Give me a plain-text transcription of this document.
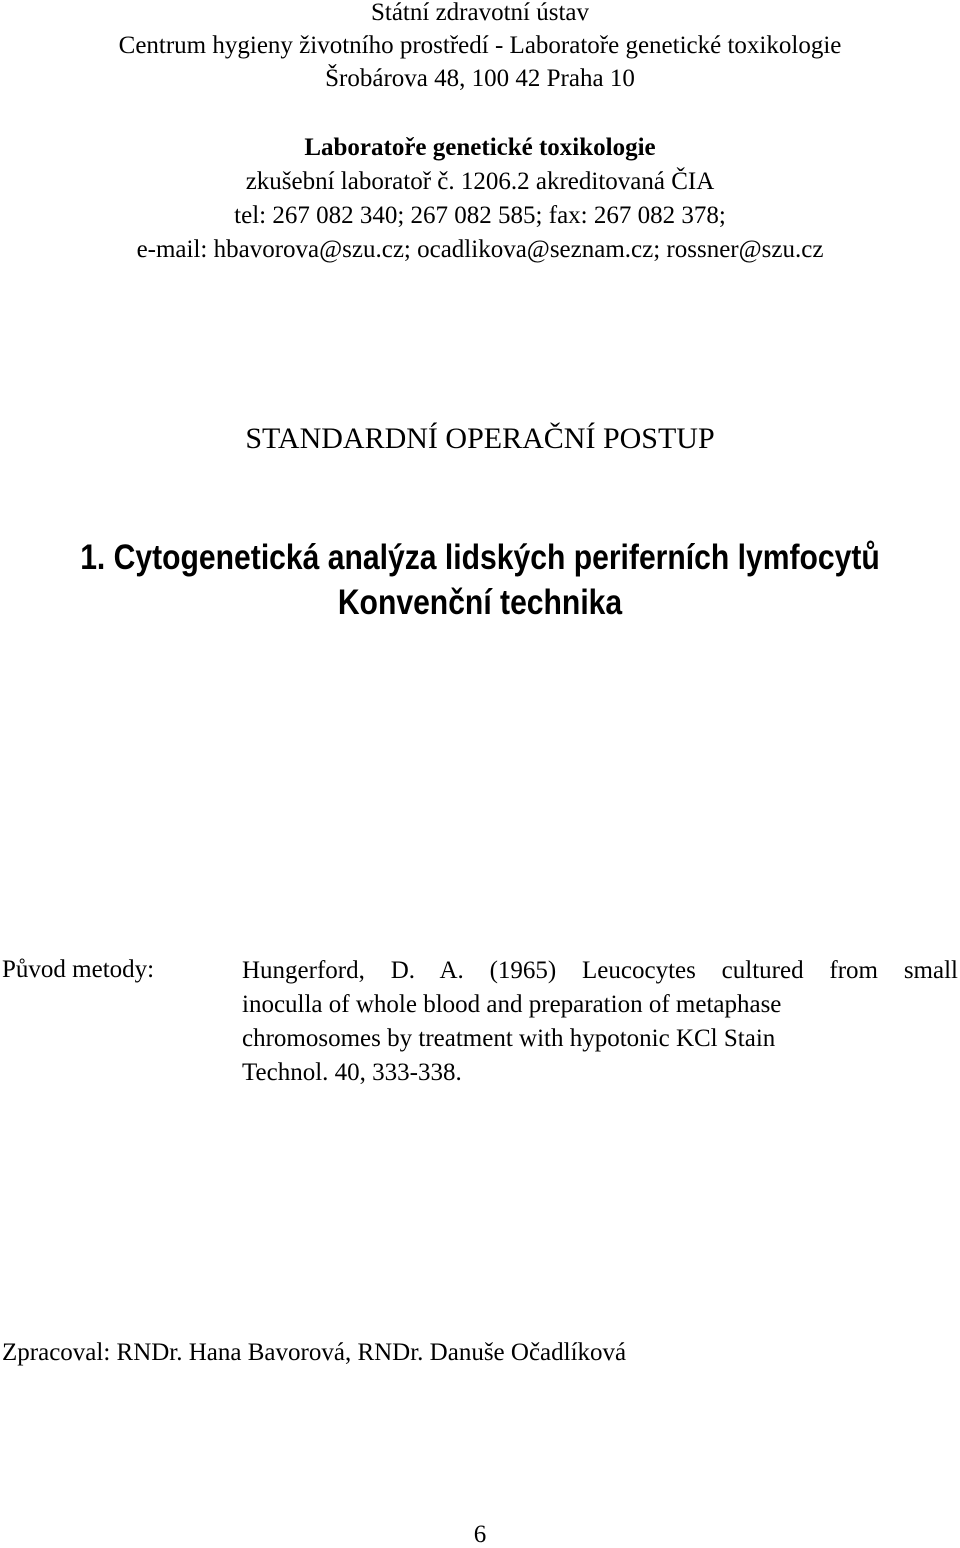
Státní zdravotní ústav
Centrum hygieny životního prostředí - Laboratoře genetické toxikologie
Šrobárova 48, 100 42 Praha 10
Laboratoře genetické toxikologie
zkušební laboratoř č. 1206.2 akreditovaná ČIA
tel: 267 082 340; 267 082 585; fax: 267 082 378;
e-mail: hbavorova@szu.cz; ocadlikova@seznam.cz; rossner@szu.cz
STANDARDNÍ OPERAČNÍ POSTUP
1. Cytogenetická analýza lidských periferních lymfocytů
Konvenční technika
Původ metody:	Hungerford, D. A. (1965) Leucocytes cultured from small
inoculla of whole blood and preparation of metaphase
chromosomes by treatment with hypotonic KCl Stain
Technol. 40, 333-338.
Zpracoval: RNDr. Hana Bavorová, RNDr. Danuše Očadlíková
6
